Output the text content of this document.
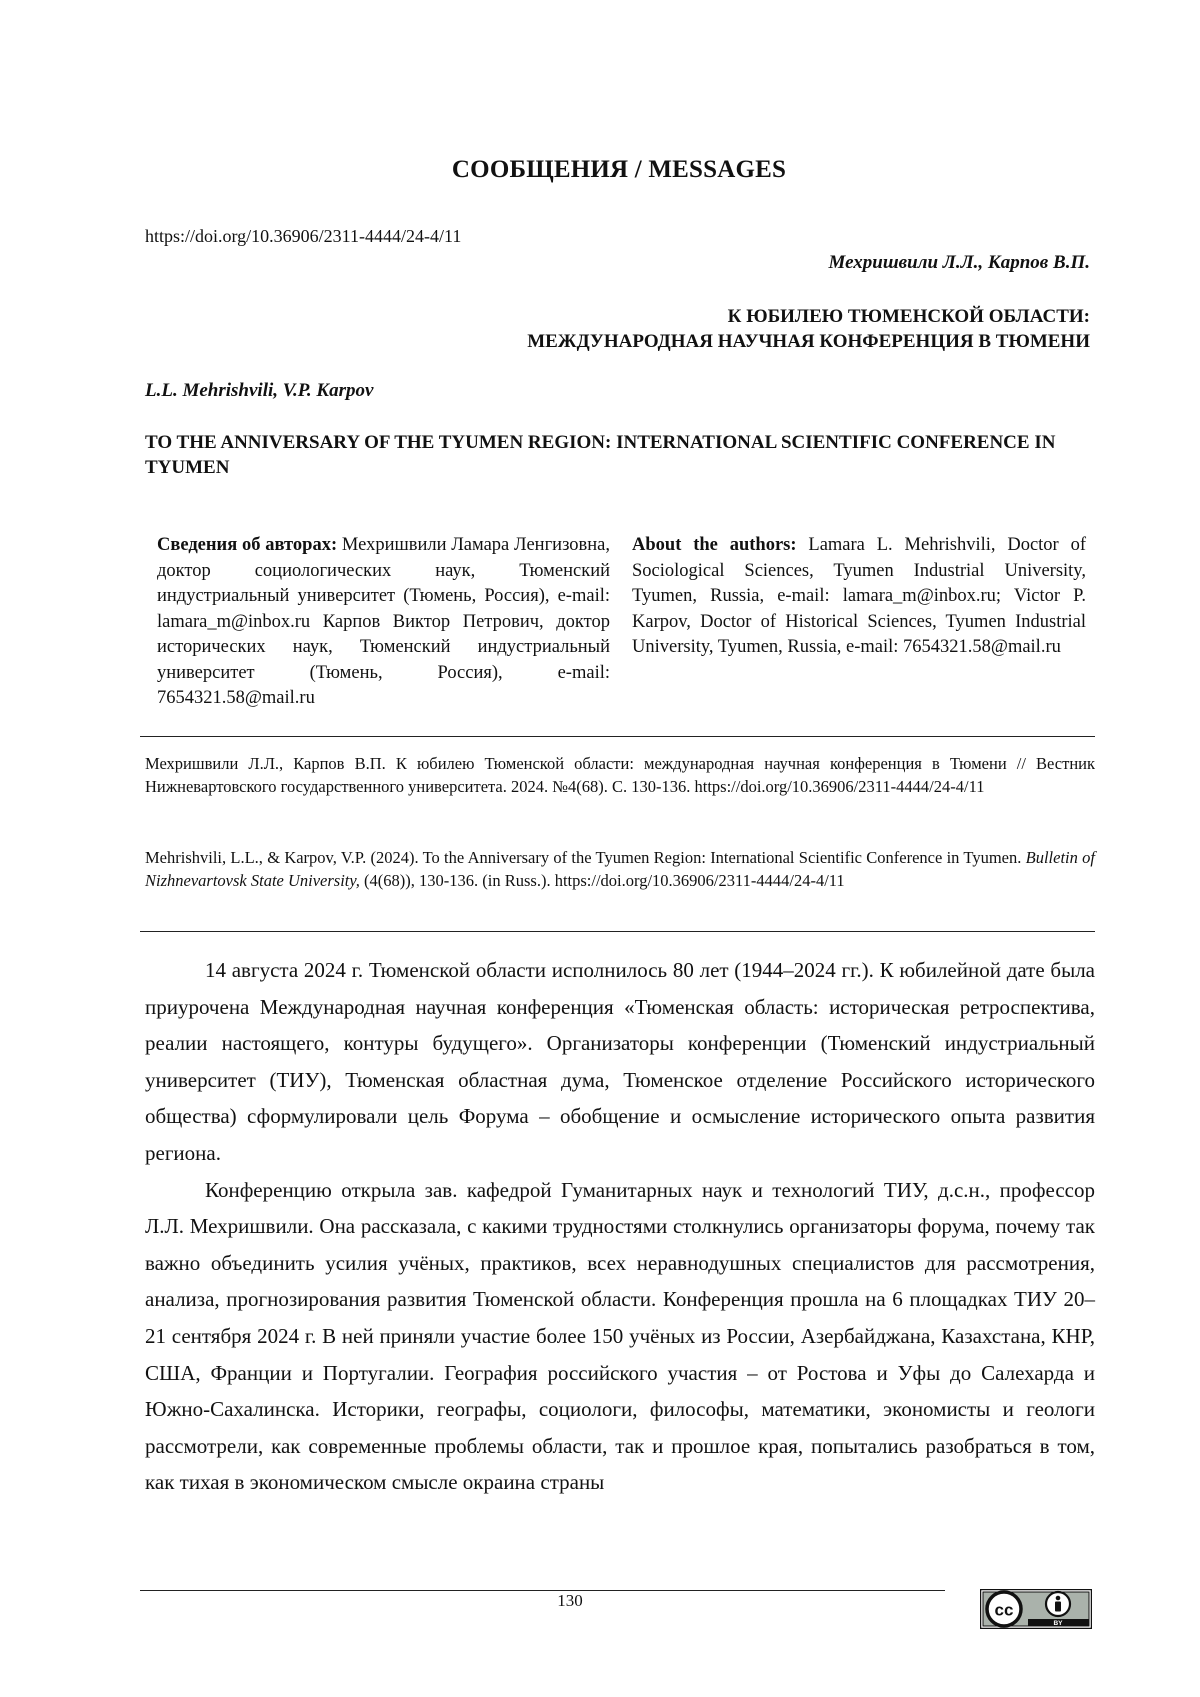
СООБЩЕНИЯ / MESSAGES
https://doi.org/10.36906/2311-4444/24-4/11
Мехришвили Л.Л., Карпов В.П.
К ЮБИЛЕЮ ТЮМЕНСКОЙ ОБЛАСТИ:
МЕЖДУНАРОДНАЯ НАУЧНАЯ КОНФЕРЕНЦИЯ В ТЮМЕНИ
L.L. Mehrishvili, V.P. Karpov
TO THE ANNIVERSARY OF THE TYUMEN REGION: INTERNATIONAL SCIENTIFIC CONFERENCE IN TYUMEN
Сведения об авторах: Мехришвили Ламара Ленгизовна, доктор социологических наук, Тюменский индустриальный университет (Тюмень, Россия), e-mail: lamara_m@inbox.ru Карпов Виктор Петрович, доктор исторических наук, Тюменский индустриальный университет (Тюмень, Россия), e-mail: 7654321.58@mail.ru
About the authors: Lamara L. Mehrishvili, Doctor of Sociological Sciences, Tyumen Industrial University, Tyumen, Russia, e-mail: lamara_m@inbox.ru; Victor P. Karpov, Doctor of Historical Sciences, Tyumen Industrial University, Tyumen, Russia, e-mail: 7654321.58@mail.ru
Мехришвили Л.Л., Карпов В.П. К юбилею Тюменской области: международная научная конференция в Тюмени // Вестник Нижневартовского государственного университета. 2024. №4(68). С. 130-136. https://doi.org/10.36906/2311-4444/24-4/11
Mehrishvili, L.L., & Karpov, V.P. (2024). To the Anniversary of the Tyumen Region: International Scientific Conference in Tyumen. Bulletin of Nizhnevartovsk State University, (4(68)), 130-136. (in Russ.). https://doi.org/10.36906/2311-4444/24-4/11

14 августа 2024 г. Тюменской области исполнилось 80 лет (1944–2024 гг.). К юбилейной дате была приурочена Международная научная конференция «Тюменская область: историческая ретроспектива, реалии настоящего, контуры будущего». Организаторы конференции (Тюменский индустриальный университет (ТИУ), Тюменская областная дума, Тюменское отделение Российского исторического общества) сформулировали цель Форума – обобщение и осмысление исторического опыта развития региона.

Конференцию открыла зав. кафедрой Гуманитарных наук и технологий ТИУ, д.с.н., профессор Л.Л. Мехришвили. Она рассказала, с какими трудностями столкнулись организаторы форума, почему так важно объединить усилия учёных, практиков, всех неравнодушных специалистов для рассмотрения, анализа, прогнозирования развития Тюменской области. Конференция прошла на 6 площадках ТИУ 20–21 сентября 2024 г. В ней приняли участие более 150 учёных из России, Азербайджана, Казахстана, КНР, США, Франции и Португалии. География российского участия – от Ростова и Уфы до Салехарда и Южно-Сахалинска. Историки, географы, социологи, философы, математики, экономисты и геологи рассмотрели, как современные проблемы области, так и прошлое края, попытались разобраться в том, как тихая в экономическом смысле окраина страны

130
BY
cc
